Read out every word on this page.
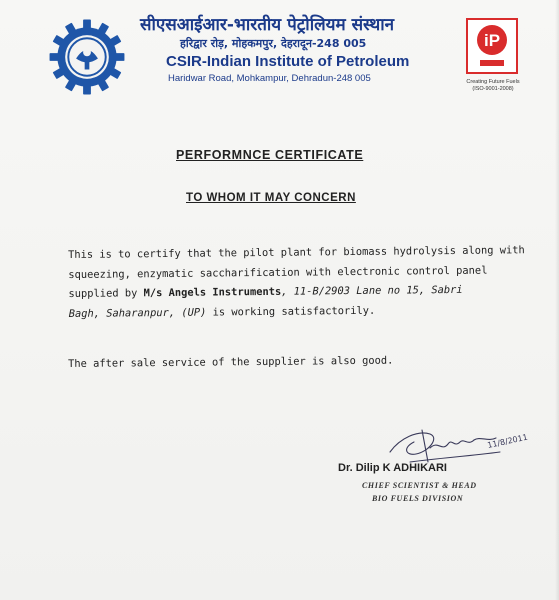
सीएसआईआर-भारतीय पेट्रोलियम संस्थान
हरिद्वार रोड़, मोहकमपुर, देहरादून-248 005
CSIR-Indian Institute of Petroleum
Haridwar Road, Mohkampur, Dehradun-248 005
iP
Creating Future Fuels
(ISO-9001-2008)
PERFORMNCE CERTIFICATE
TO WHOM IT MAY CONCERN
This is to certify that the pilot plant for biomass hydrolysis along with
squeezing, enzymatic saccharification with electronic control panel
supplied by M/s Angels Instruments, 11-B/2903 Lane no 15, Sabri
Bagh, Saharanpur, (UP) is working satisfactorily.
The after sale service of the supplier is also good.
11/8/2011
Dr. Dilip K ADHIKARI
CHIEF SCIENTIST & HEAD
BIO FUELS DIVISION
